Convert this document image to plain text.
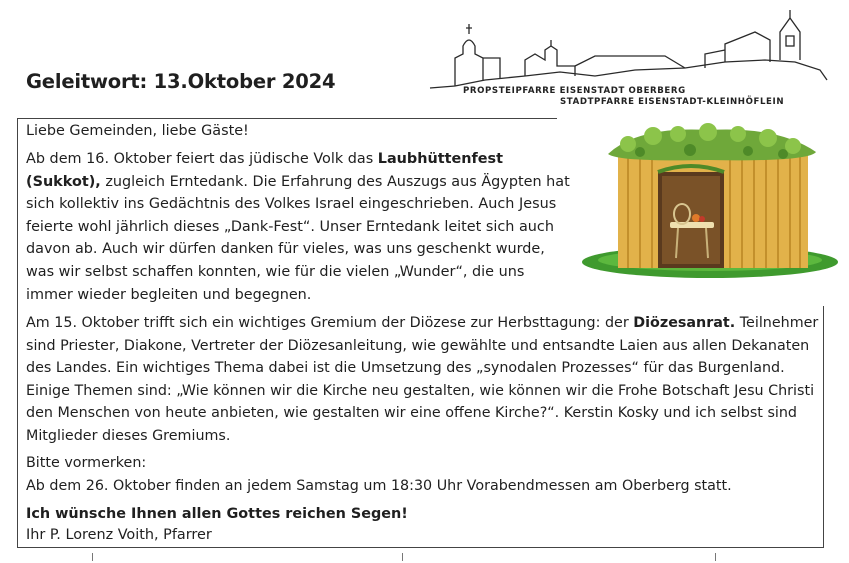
Geleitwort: 13.Oktober 2024	PROPSTEIPFARRE EISENSTADT OBERBERG
STADTPFARRE EISENSTADT-KLEINHÖFLEIN
Liebe Gemeinden, liebe Gäste!

Ab dem 16. Oktober feiert das jüdische Volk das Laubhüttenfest

(Sukkot), zugleich Erntedank. Die Erfahrung des Auszugs aus Ägypten hat

sich kollektiv ins Gedächtnis des Volkes Israel eingeschrieben. Auch Jesus

feierte wohl jährlich dieses „Dank-Fest“. Unser Erntedank leitet sich auch

davon ab. Auch wir dürfen danken für vieles, was uns geschenkt wurde,

was wir selbst schaffen konnten, wie für die vielen „Wunder“, die uns

immer wieder begleiten und begegnen.

Am 15. Oktober trifft sich ein wichtiges Gremium der Diözese zur Herbsttagung: der Diözesanrat. Teilnehmer

sind Priester, Diakone, Vertreter der Diözesanleitung, wie gewählte und entsandte Laien aus allen Dekanaten

des Landes. Ein wichtiges Thema dabei ist die Umsetzung des „synodalen Prozesses“ für das Burgenland.

Einige Themen sind: „Wie können wir die Kirche neu gestalten, wie können wir die Frohe Botschaft Jesu Christi

den Menschen von heute anbieten, wie gestalten wir eine offene Kirche?“. Kerstin Kosky und ich selbst sind

Mitglieder dieses Gremiums.

Bitte vormerken:

Ab dem 26. Oktober finden an jedem Samstag um 18:30 Uhr Vorabendmessen am Oberberg statt.

Ich wünsche Ihnen allen Gottes reichen Segen!
Ihr P. Lorenz Voith, Pfarrer
